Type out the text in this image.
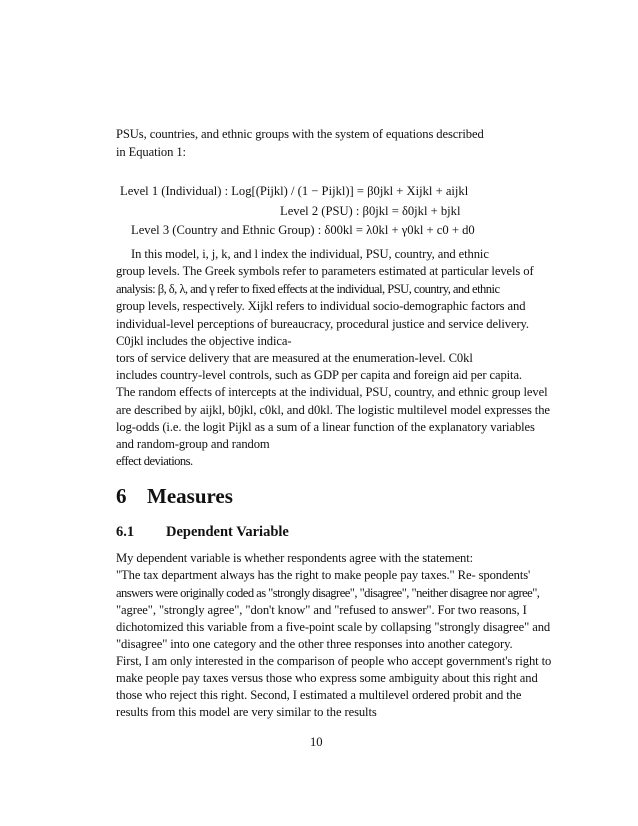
PSUs, countries, and ethnic groups with the system of equations described
in Equation 1:
Level 1 (Individual) : Log[(Pijkl) / (1 − Pijkl)] = β0jkl + Xijkl + aijkl
Level 2 (PSU) : β0jkl = δ0jkl + bjkl
Level 3 (Country and Ethnic Group) : δ00kl = λ0kl + γ0kl + c0 + d0
In this model, i, j, k, and l index the individual, PSU, country, and ethnic
group levels. The Greek symbols refer to parameters estimated at particular levels of
analysis: β, δ, λ, and γ refer to fixed effects at the individual, PSU, country, and ethnic
group levels, respectively. Xijkl refers to individual socio-demographic factors and
individual-level perceptions of bureaucracy, procedural justice and service delivery.
C0jkl includes the objective indica-
tors of service delivery that are measured at the enumeration-level. C0kl
includes country-level controls, such as GDP per capita and foreign aid per capita.
The random effects of intercepts at the individual, PSU, country, and ethnic group level
are described by aijkl, b0jkl, c0kl, and d0kl. The logistic multilevel model expresses the
log-odds (i.e. the logit Pijkl as a sum of a linear function of the explanatory variables
and random-group and random
effect deviations.
6 Measures
6.1 Dependent Variable
My dependent variable is whether respondents agree with the statement:
"The tax department always has the right to make people pay taxes." Re- spondents'
answers were originally coded as "strongly disagree", "disagree", "neither disagree nor agree",
"agree", "strongly agree", "don't know" and "refused to answer". For two reasons, I
dichotomized this variable from a five-point scale by collapsing "strongly disagree" and
"disagree" into one category and the other three responses into another category.
First, I am only interested in the comparison of people who accept government's right to
make people pay taxes versus those who express some ambiguity about this right and
those who reject this right. Second, I estimated a multilevel ordered probit and the
results from this model are very similar to the results
10
